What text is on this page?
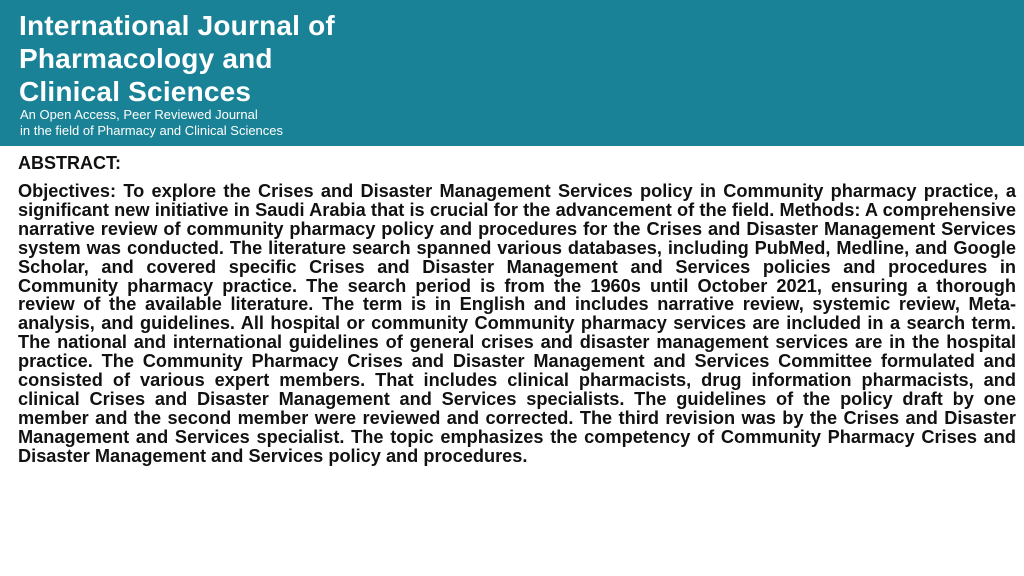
International Journal of
Pharmacology and
Clinical Sciences
An Open Access, Peer Reviewed Journal
in the field of Pharmacy and Clinical Sciences
ABSTRACT:

Objectives: To explore the Crises and Disaster Management Services policy in Community pharmacy practice, a significant new initiative in Saudi Arabia that is crucial for the advancement of the field. Methods: A comprehensive narrative review of community pharmacy policy and procedures for the Crises and Disaster Management Services system was conducted. The literature search spanned various databases, including PubMed, Medline, and Google Scholar, and covered specific Crises and Disaster Management and Services policies and procedures in Community pharmacy practice. The search period is from the 1960s until October 2021, ensuring a thorough review of the available literature. The term is in English and includes narrative review, systemic review, Meta-analysis, and guidelines. All hospital or community Community pharmacy services are included in a search term. The national and international guidelines of general crises and disaster management services are in the hospital practice. The Community Pharmacy Crises and Disaster Management and Services Committee formulated and consisted of various expert members. That includes clinical pharmacists, drug information pharmacists, and clinical Crises and Disaster Management and Services specialists. The guidelines of the policy draft by one member and the second member were reviewed and corrected. The third revision was by the Crises and Disaster Management and Services specialist. The topic emphasizes the competency of Community Pharmacy Crises and Disaster Management and Services policy and procedures.
